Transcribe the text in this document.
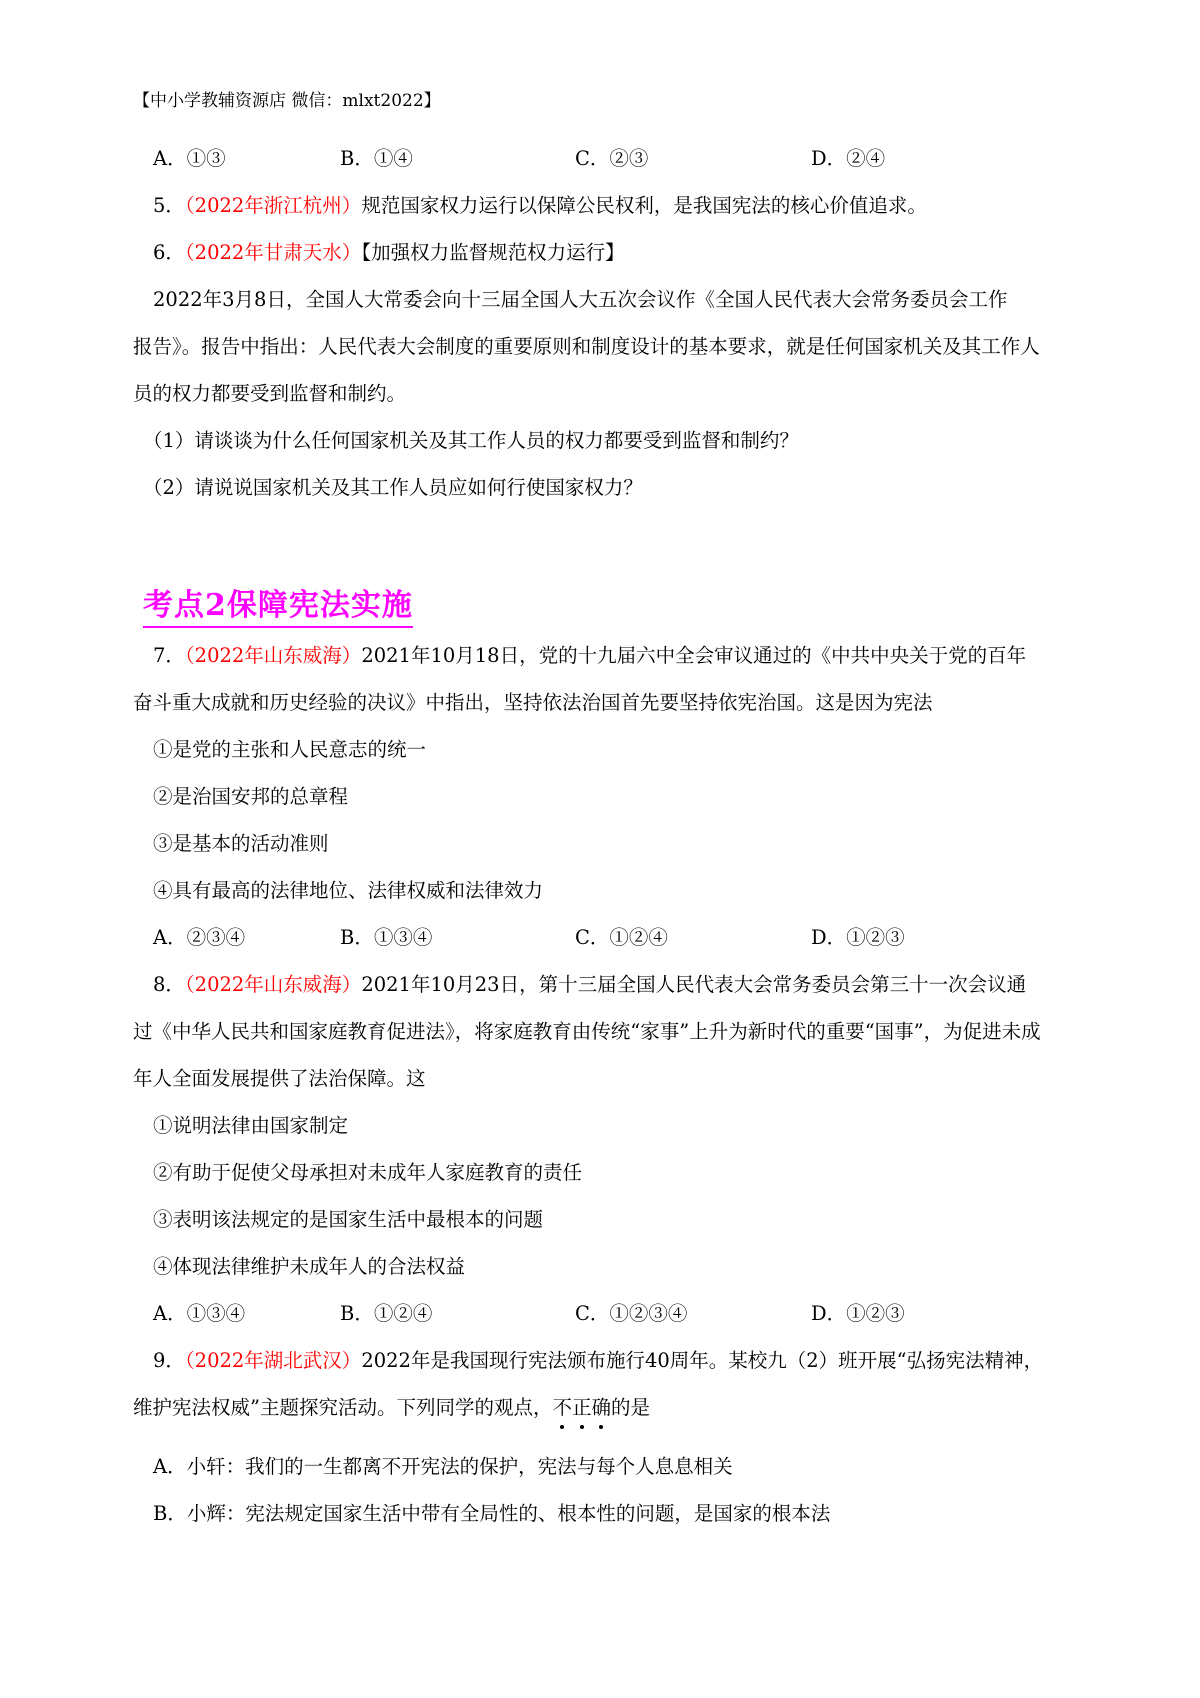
【中小学教辅资源店 微信：mlxt2022】
A．①③	B．①④	C．②③	D．②④
5．（2022年浙江杭州）规范国家权力运行以保障公民权利，是我国宪法的核心价值追求。
6．（2022年甘肃天水）【加强权力监督规范权力运行】
2022年3月8日，全国人大常委会向十三届全国人大五次会议作《全国人民代表大会常务委员会工作
报告》。报告中指出：人民代表大会制度的重要原则和制度设计的基本要求，就是任何国家机关及其工作人
员的权力都要受到监督和制约。
（1）请谈谈为什么任何国家机关及其工作人员的权力都要受到监督和制约？
（2）请说说国家机关及其工作人员应如何行使国家权力？
考点2保障宪法实施
7．（2022年山东威海）2021年10月18日，党的十九届六中全会审议通过的《中共中央关于党的百年
奋斗重大成就和历史经验的决议》中指出，坚持依法治国首先要坚持依宪治国。这是因为宪法
①是党的主张和人民意志的统一
②是治国安邦的总章程
③是基本的活动准则
④具有最高的法律地位、法律权威和法律效力
A．②③④	B．①③④	C．①②④	D．①②③
8．（2022年山东威海）2021年10月23日，第十三届全国人民代表大会常务委员会第三十一次会议通
过《中华人民共和国家庭教育促进法》，将家庭教育由传统“家事”上升为新时代的重要“国事”，为促进未成
年人全面发展提供了法治保障。这
①说明法律由国家制定
②有助于促使父母承担对未成年人家庭教育的责任
③表明该法规定的是国家生活中最根本的问题
④体现法律维护未成年人的合法权益
A．①③④	B．①②④	C．①②③④	D．①②③
9．（2022年湖北武汉）2022年是我国现行宪法颁布施行40周年。某校九（2）班开展“弘扬宪法精神，
维护宪法权威”主题探究活动。下列同学的观点，不
正
确
的是
A．小轩：我们的一生都离不开宪法的保护，宪法与每个人息息相关
B．小辉：宪法规定国家生活中带有全局性的、根本性的问题，是国家的根本法
